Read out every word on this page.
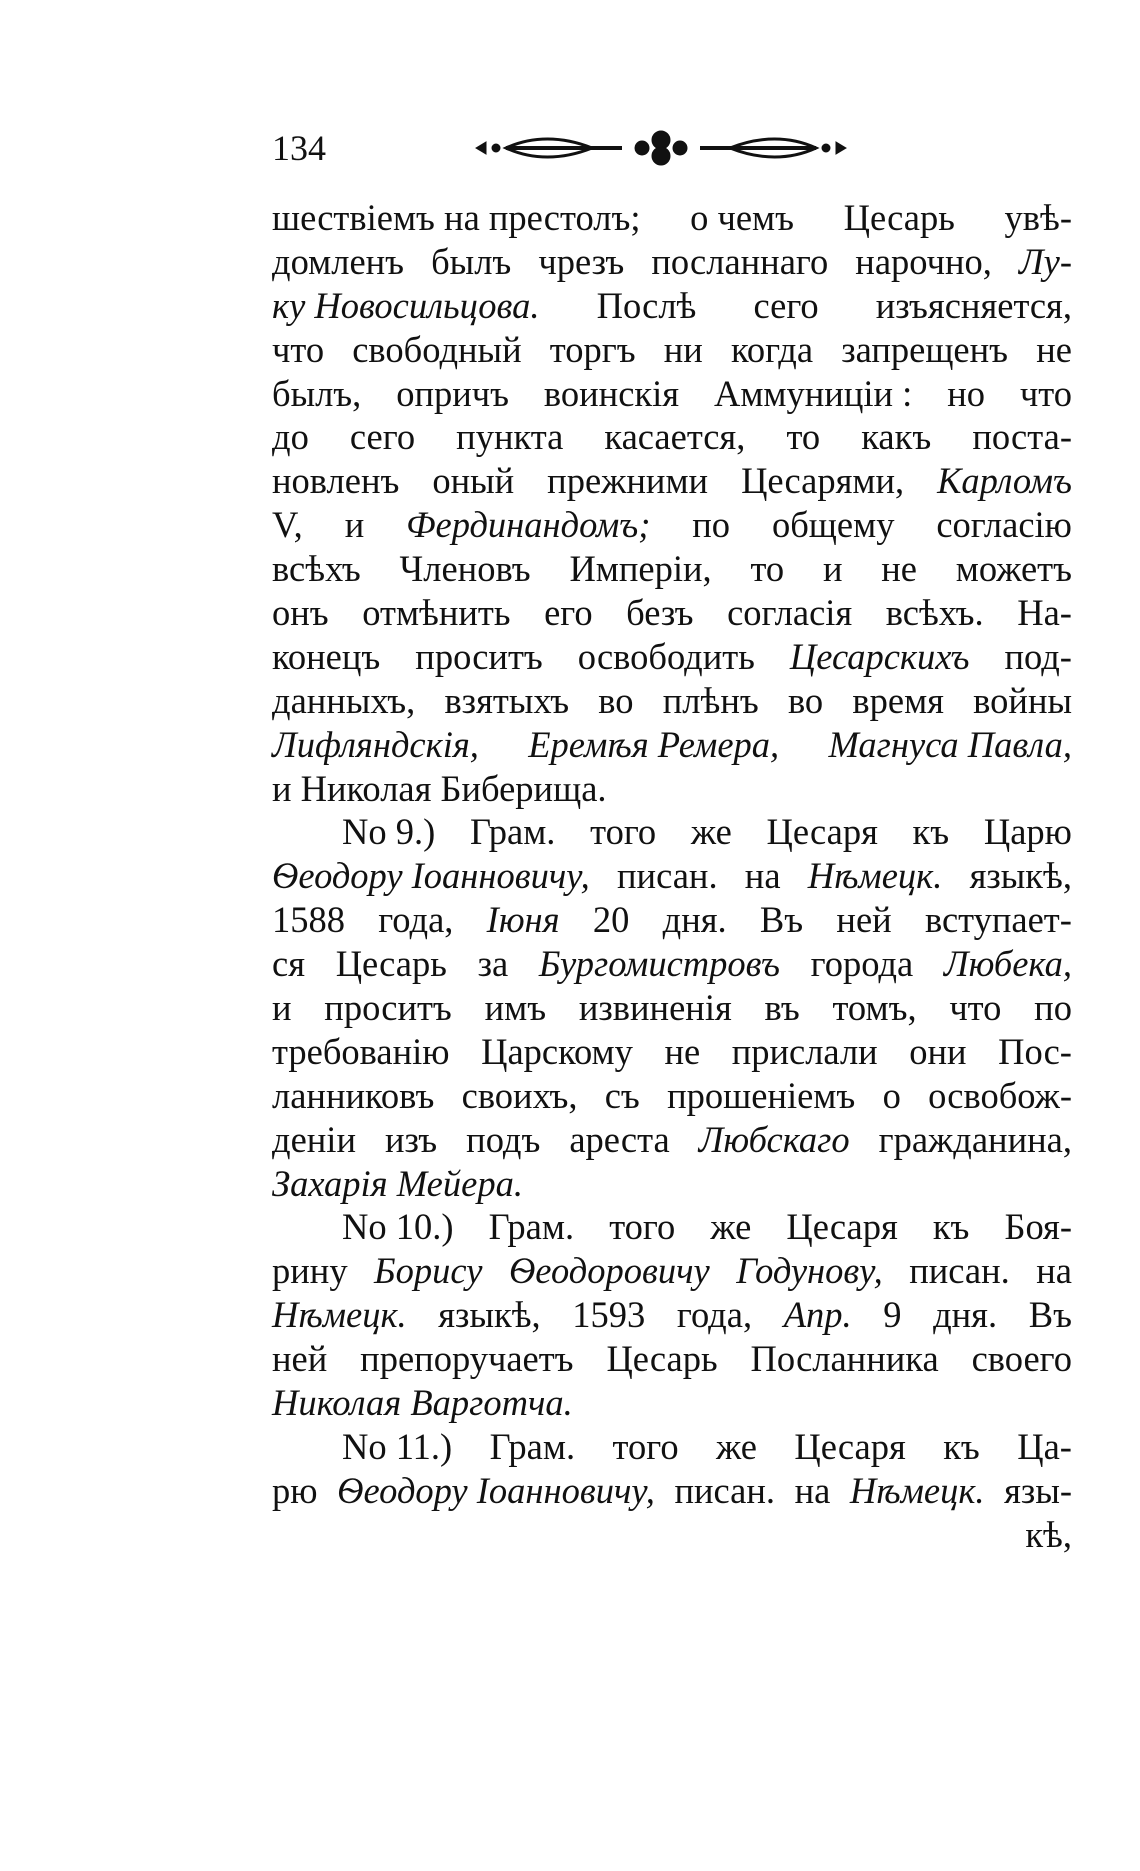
134
шествіемъ на престолъ; о чемъ Цесарь увѣ-
домленъ былъ чрезъ посланнаго нарочно, Лу-
ку Новосильцова. Послѣ сего изъясняется,
что свободный торгъ ни когда запрещенъ не
былъ, опричъ воинскія Аммуниціи : но что
до сего пункта касается, то какъ поста-
новленъ оный прежними Цесарями, Карломъ
V, и Фердинандомъ; по общему согласію
всѣхъ Членовъ Имперіи, то и не можетъ
онъ отмѣнить его безъ согласія всѣхъ. На-
конецъ проситъ освободить Цесарскихъ под-
данныхъ, взятыхъ во плѣнъ во время войны
Лифляндскія, Еремѣя Ремера, Магнуса Павла,
и Николая Биберища.
No 9.) Грам. того же Цесаря къ Царю
Ѳеодору Іоанновичу, писан. на Нѣмецк. языкѣ,
1588 года, Іюня 20 дня. Въ ней вступает-
ся Цесарь за Бургомистровъ города Любека,
и проситъ имъ извиненія въ томъ, что по
требованію Царскому не прислали они Пос-
ланниковъ своихъ, съ прошеніемъ о освобож-
деніи изъ подъ ареста Любскаго гражданина,
Захарія Мейера.
No 10.) Грам. того же Цесаря къ Боя-
рину Борису Ѳеодоровичу Годунову, писан. на
Нѣмецк. языкѣ, 1593 года, Апр. 9 дня. Въ
ней препоручаетъ Цесарь Посланника своего
Николая Варготча.
No 11.) Грам. того же Цесаря къ Ца-
рю Ѳеодору Іоанновичу, писан. на Нѣмецк. язы-
кѣ,
